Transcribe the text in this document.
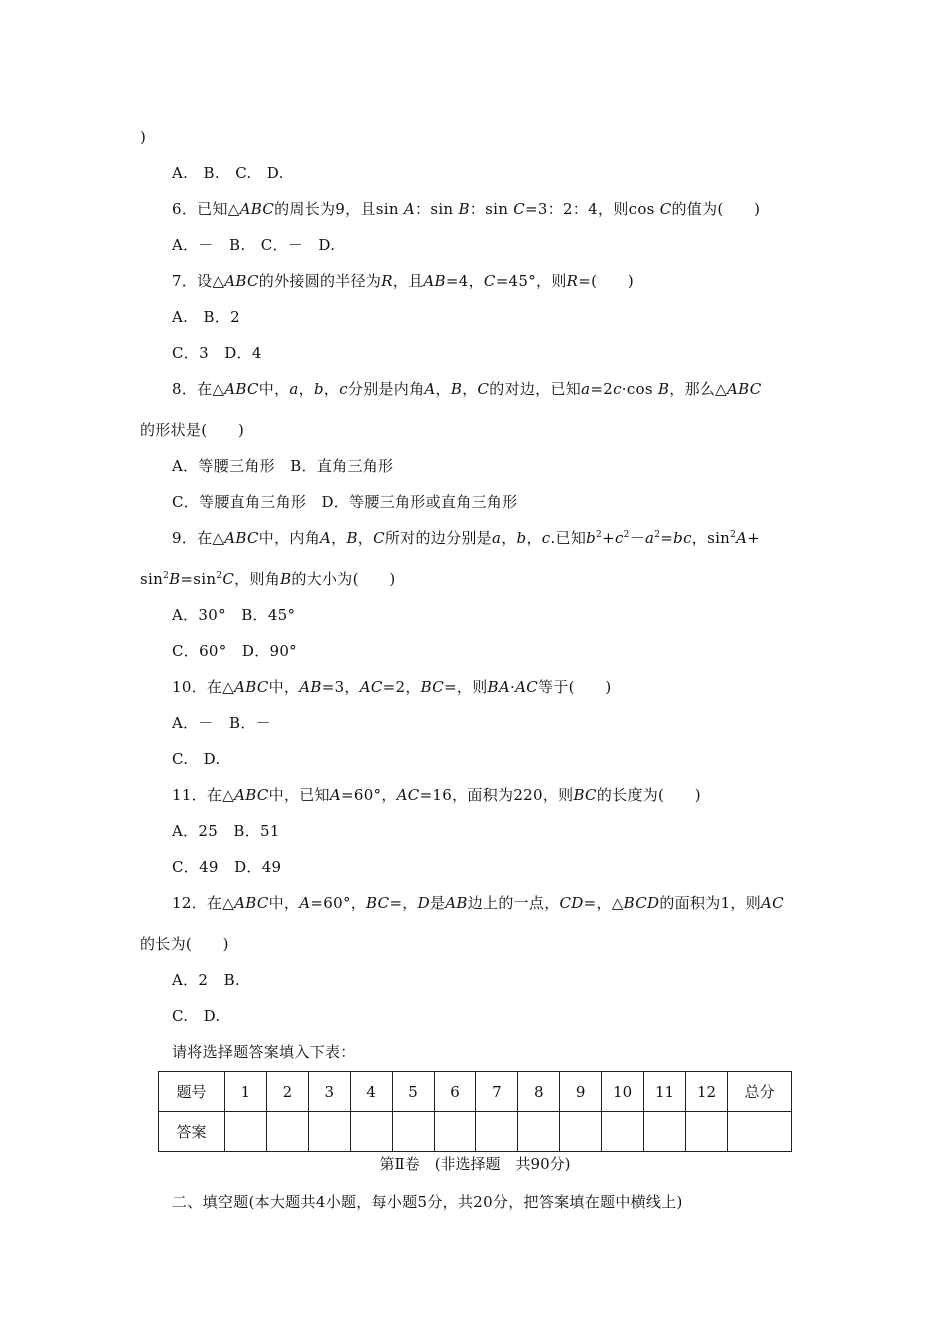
)
A.　B.　C.　D.
6．已知△ABC的周长为9，且sin A：sin B：sin C=3：2：4，则cos C的值为(　　)
A．－　B.　C．－　D.
7．设△ABC的外接圆的半径为R，且AB=4，C=45°，则R=(　　)
A.　B．2
C．3　D．4
8．在△ABC中，a，b，c分别是内角A，B，C的对边，已知a=2c·cos B，那么△ABC
的形状是(　　)
A．等腰三角形　B．直角三角形
C．等腰直角三角形　D．等腰三角形或直角三角形
9．在△ABC中，内角A，B，C所对的边分别是a，b，c.已知$b^2+c^2-a^2=bc$，$\sin^2A+$
$\sin^2B=\sin^2C$，则角B的大小为(　　)
A．30°　B．45°
C．60°　D．90°
10．在△ABC中，AB=3，AC=2，BC=，则BA·AC等于(　　)
A．－　B．－
C.　D.
11．在△ABC中，已知A=60°，AC=16，面积为220，则BC的长度为(　　)
A．25　B．51
C．49　D．49
12．在△ABC中，A=60°，BC=，D是AB边上的一点，CD=，△BCD的面积为1，则AC
的长为(　　)
A．2　B.
C.　D.
请将选择题答案填入下表：
题号	1	2	3	4	5	6	7	8	9	10	11	12	总分
答案													
第Ⅱ卷　(非选择题　共90分)
二、填空题(本大题共4小题，每小题5分，共20分，把答案填在题中横线上)
